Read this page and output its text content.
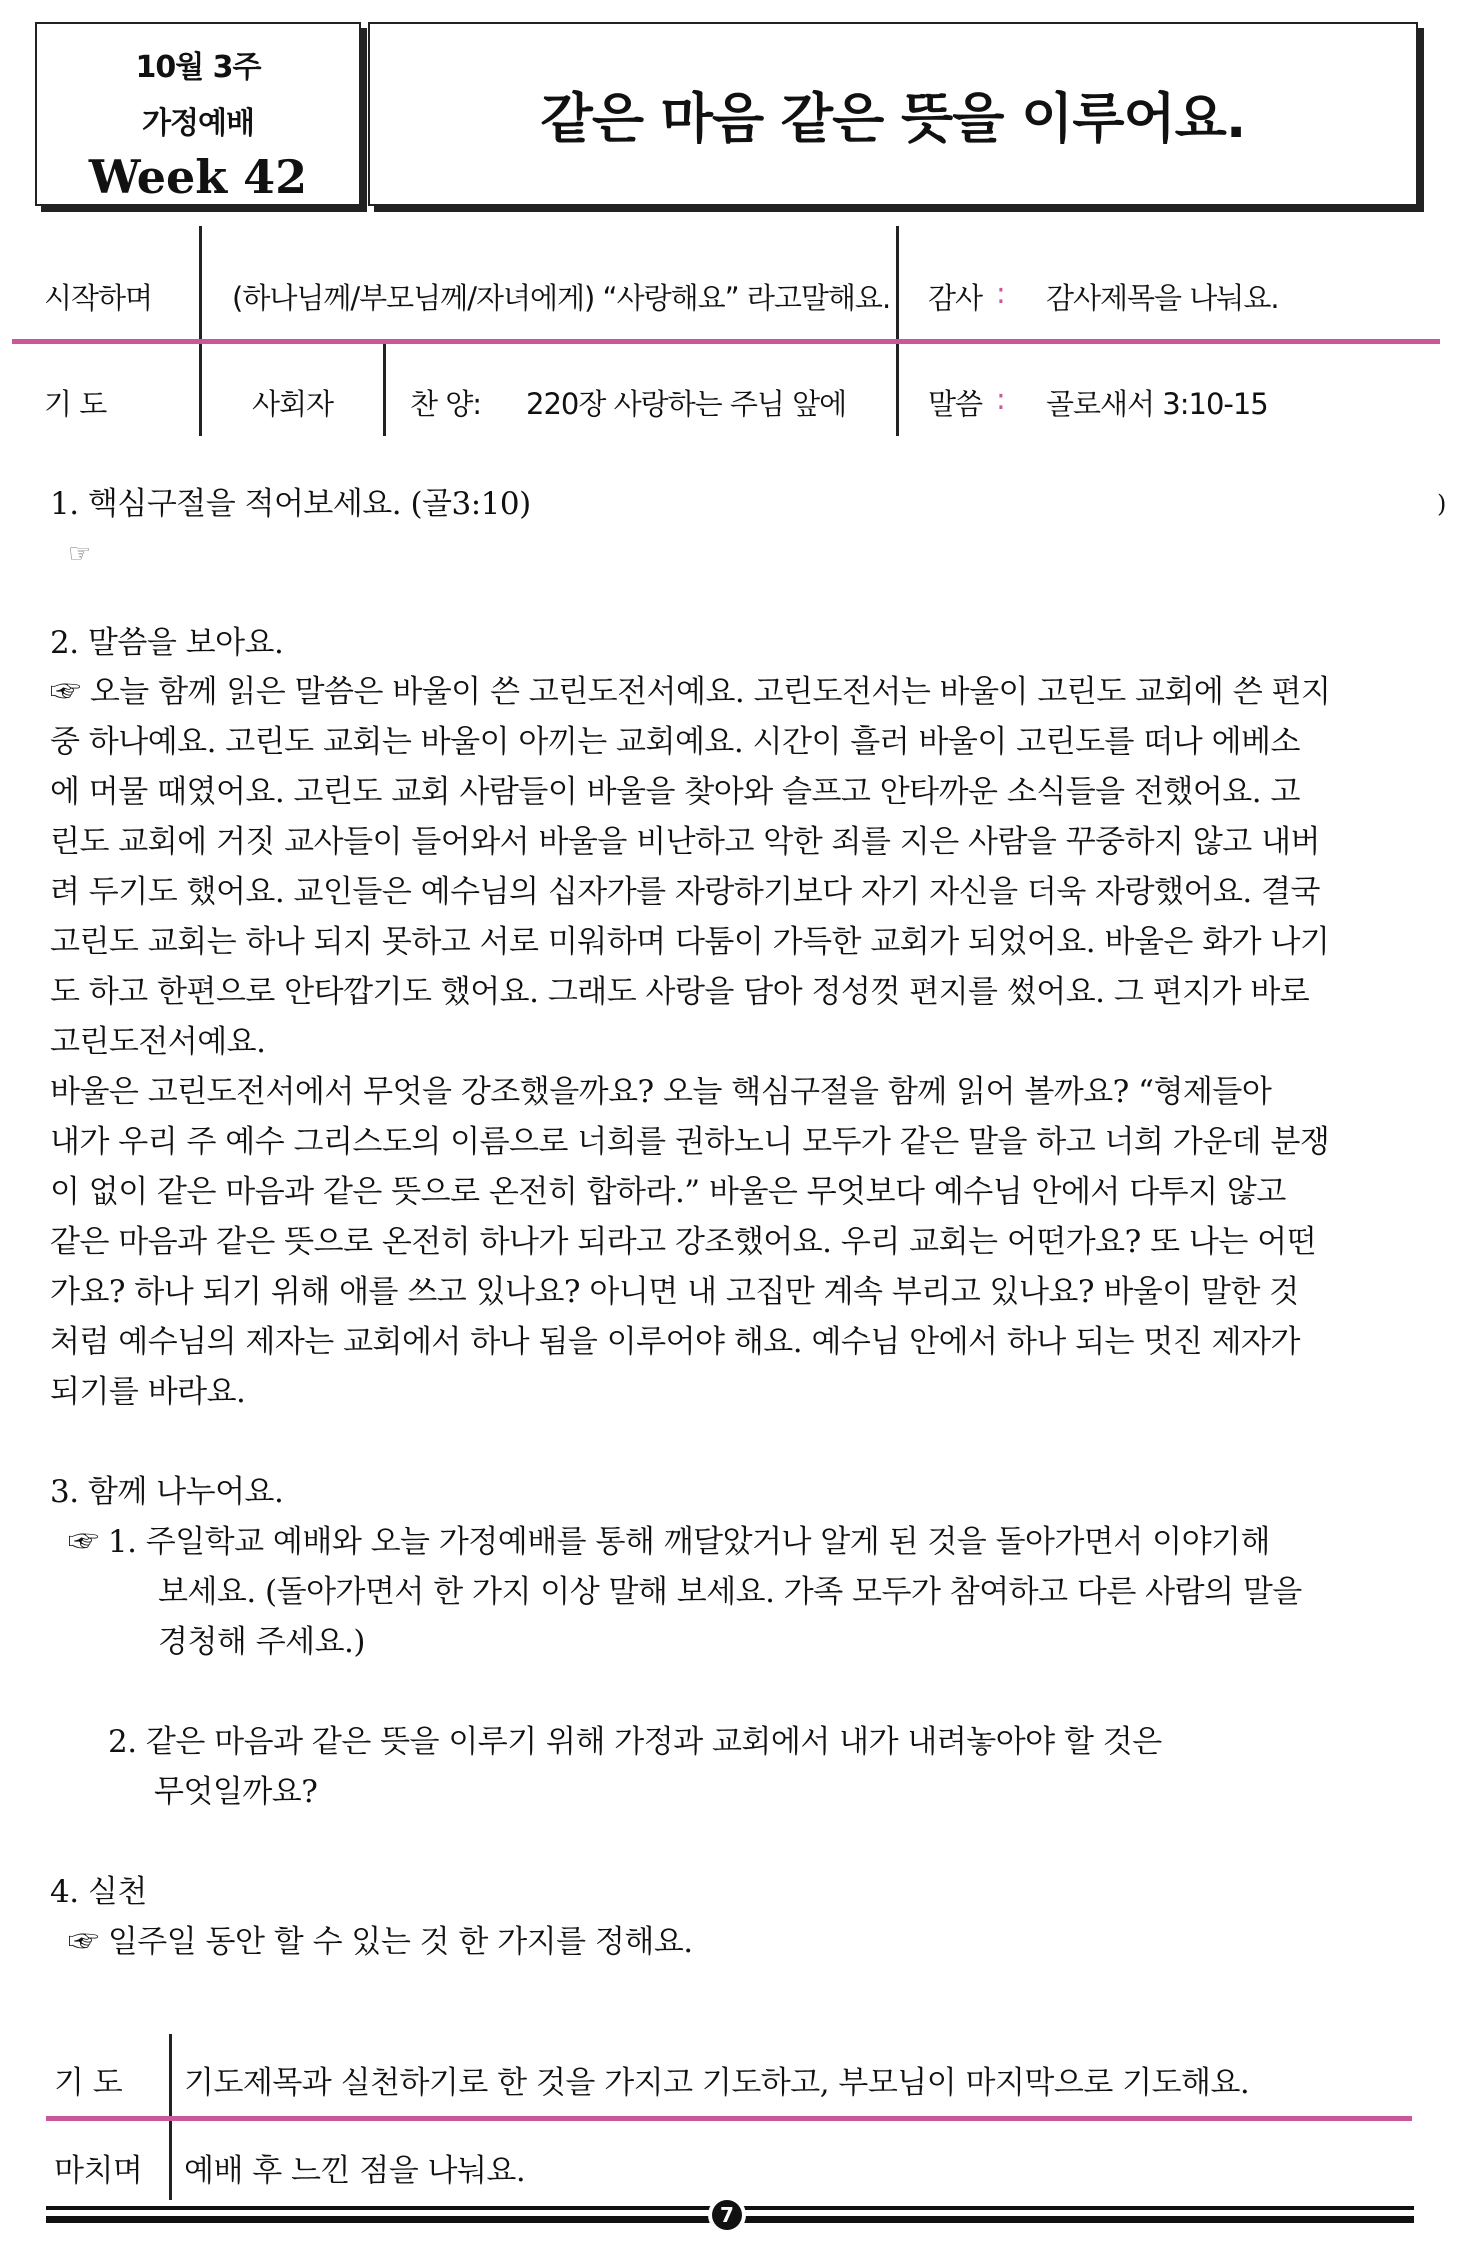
10월 3주
가정예배
Week 42
같은 마음 같은 뜻을 이루어요.
시작하며	(하나님께/부모님께/자녀에게) “사랑해요” 라고말해요. 감사 : 감사제목을 나눠요.
기 도	사회자	찬 양: 220장 사랑하는 주님 앞에	말씀 : 골로새서 3:10-15
1. 핵심구절을 적어보세요. (골3:10)	)
☞
2. 말씀을 보아요.
☞ 오늘 함께 읽은 말씀은 바울이 쓴 고린도전서예요. 고린도전서는 바울이 고린도 교회에 쓴 편지
중 하나예요. 고린도 교회는 바울이 아끼는 교회예요. 시간이 흘러 바울이 고린도를 떠나 에베소
에 머물 때였어요. 고린도 교회 사람들이 바울을 찾아와 슬프고 안타까운 소식들을 전했어요. 고
린도 교회에 거짓 교사들이 들어와서 바울을 비난하고 악한 죄를 지은 사람을 꾸중하지 않고 내버
려 두기도 했어요. 교인들은 예수님의 십자가를 자랑하기보다 자기 자신을 더욱 자랑했어요. 결국
고린도 교회는 하나 되지 못하고 서로 미워하며 다툼이 가득한 교회가 되었어요. 바울은 화가 나기
도 하고 한편으로 안타깝기도 했어요. 그래도 사랑을 담아 정성껏 편지를 썼어요. 그 편지가 바로
고린도전서예요.
바울은 고린도전서에서 무엇을 강조했을까요? 오늘 핵심구절을 함께 읽어 볼까요? “형제들아
내가 우리 주 예수 그리스도의 이름으로 너희를 권하노니 모두가 같은 말을 하고 너희 가운데 분쟁
이 없이 같은 마음과 같은 뜻으로 온전히 합하라.” 바울은 무엇보다 예수님 안에서 다투지 않고
같은 마음과 같은 뜻으로 온전히 하나가 되라고 강조했어요. 우리 교회는 어떤가요? 또 나는 어떤
가요? 하나 되기 위해 애를 쓰고 있나요? 아니면 내 고집만 계속 부리고 있나요? 바울이 말한 것
처럼 예수님의 제자는 교회에서 하나 됨을 이루어야 해요. 예수님 안에서 하나 되는 멋진 제자가
되기를 바라요.
3. 함께 나누어요.
☞ 1. 주일학교 예배와 오늘 가정예배를 통해 깨달았거나 알게 된 것을 돌아가면서 이야기해
보세요. (돌아가면서 한 가지 이상 말해 보세요. 가족 모두가 참여하고 다른 사람의 말을
경청해 주세요.)
2. 같은 마음과 같은 뜻을 이루기 위해 가정과 교회에서 내가 내려놓아야 할 것은
무엇일까요?
4. 실천
☞ 일주일 동안 할 수 있는 것 한 가지를 정해요.
기 도 기도제목과 실천하기로 한 것을 가지고 기도하고, 부모님이 마지막으로 기도해요.
마치며 예배 후 느낀 점을 나눠요.
7
